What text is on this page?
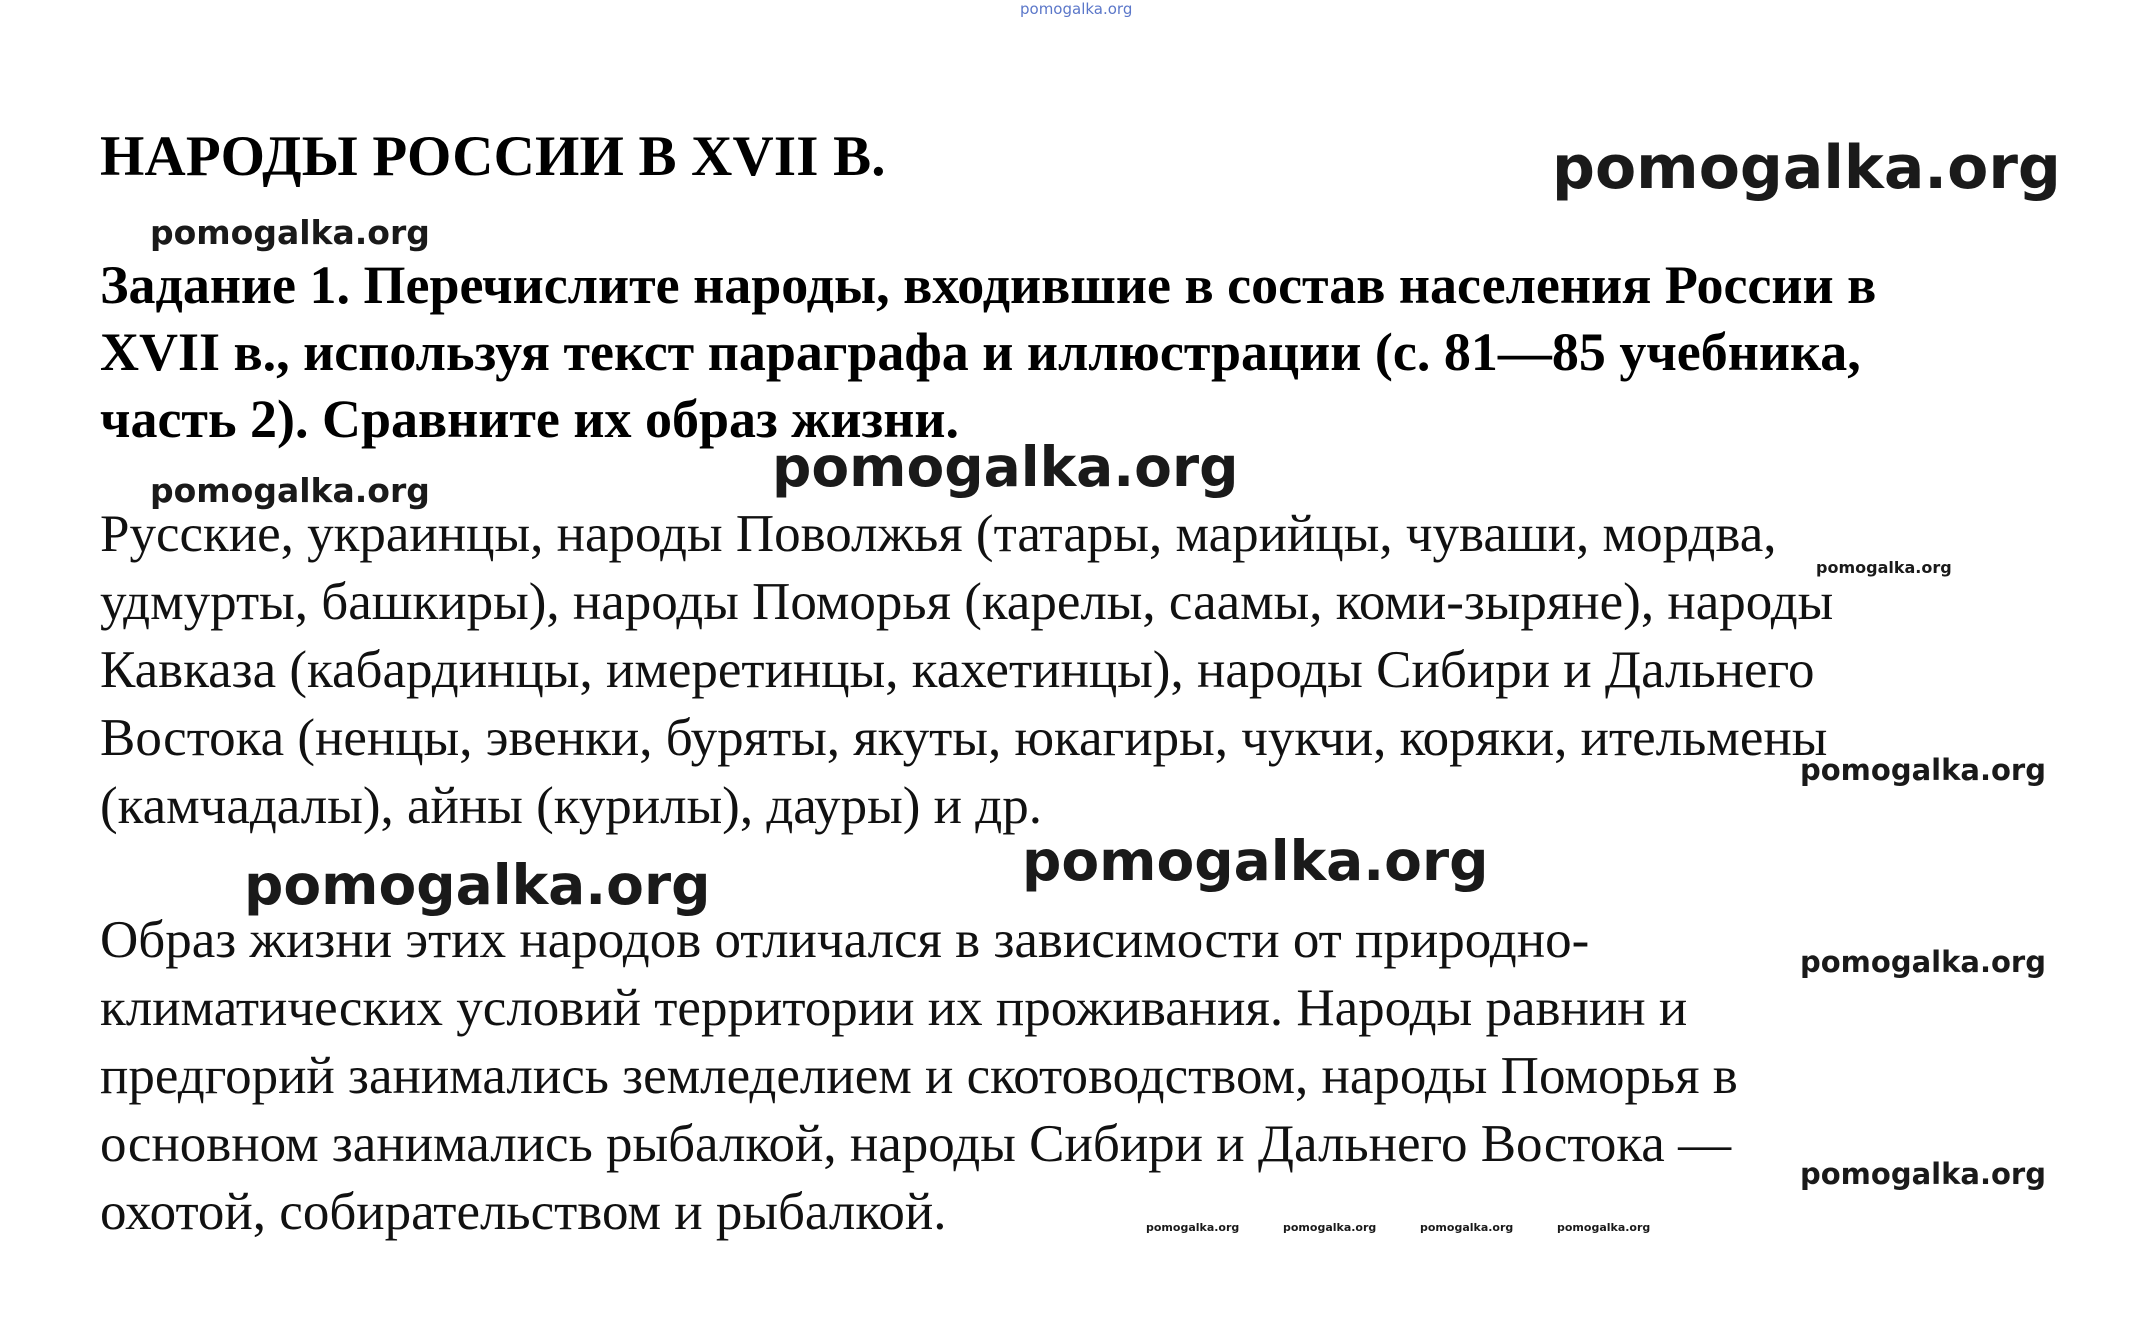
pomogalka.org
НАРОДЫ РОССИИ В XVII В.	pomogalka.org
pomogalka.org
Задание 1. Перечислите народы, входившие в состав населения России в
XVII в., используя текст параграфа и иллюстрации (с. 81—85 учебника,
часть 2). Сравните их образ жизни.
pomogalka.org
pomogalka.org
Русские, украинцы, народы Поволжья (татары, марийцы, чуваши, мордва,
удмурты, башкиры), народы Поморья (карелы, саамы, коми-зыряне), народы
Кавказа (кабардинцы, имеретинцы, кахетинцы), народы Сибири и Дальнего
Востока (ненцы, эвенки, буряты, якуты, юкагиры, чукчи, коряки, ительмены
(камчадалы), айны (курилы), дауры) и др.
pomogalka.org
pomogalka.org
pomogalka.org
pomogalka.org
pomogalka.org
Образ жизни этих народов отличался в зависимости от природно-
климатических условий территории их проживания. Народы равнин и
предгорий занимались земледелием и скотоводством, народы Поморья в
основном занимались рыбалкой, народы Сибири и Дальнего Востока —
охотой, собирательством и рыбалкой.
pomogalka.org
pomogalka.org	pomogalka.org	pomogalka.org	pomogalka.org
